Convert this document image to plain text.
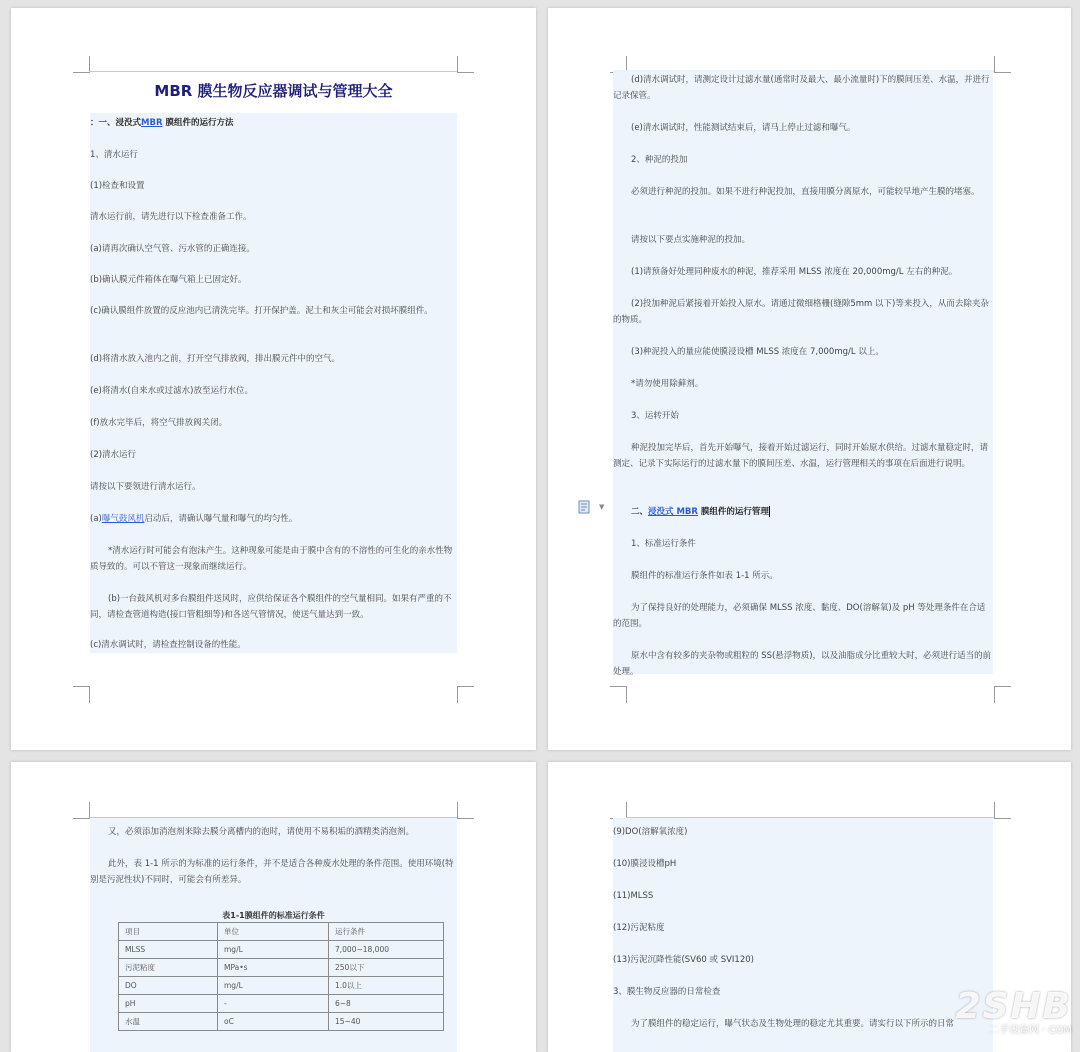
MBR 膜生物反应器调试与管理大全
：一、浸没式MBR 膜组件的运行方法
1、清水运行
(1)检查和设置
清水运行前，请先进行以下检查准备工作。
(a)请再次确认空气管、污水管的正确连接。
(b)确认膜元件箱体在曝气箱上已固定好。
(c)确认膜组件放置的反应池内已清洗完毕。打开保护盖。泥土和灰尘可能会对损坏膜组件。
(d)将清水放入池内之前，打开空气排放阀，排出膜元件中的空气。
(e)将清水(自来水或过滤水)放至运行水位。
(f)放水完毕后，将空气排放阀关闭。
(2)清水运行
请按以下要领进行清水运行。
(a)曝气鼓风机启动后，请确认曝气量和曝气的均匀性。
*清水运行时可能会有泡沫产生。这种现象可能是由于膜中含有的不溶性的可生化的亲水性物质导致的。可以不管这一现象而继续运行。
(b)一台鼓风机对多台膜组件送风时，应供给保证各个膜组件的空气量相同。如果有严重的不同，请检查管道构造(接口管粗细等)和各送气管情况，使送气量达到一致。
(c)清水调试时，请检查控制设备的性能。
(d)清水调试时，请测定设计过滤水量(通常时及最大、最小流量时)下的膜间压差、水温，并进行记录保管。
(e)清水调试时，性能测试结束后，请马上停止过滤和曝气。
2、种泥的投加
必须进行种泥的投加。如果不进行种泥投加，直接用膜分离原水，可能较早地产生膜的堵塞。
请按以下要点实施种泥的投加。
(1)请预备好处理同种废水的种泥，推荐采用 MLSS 浓度在 20,000mg/L 左右的种泥。
(2)投加种泥后紧接着开始投入原水。请通过微细格栅(缝隙5mm 以下)等来投入，从而去除夹杂的物质。
(3)种泥投入的量应能使膜浸设槽 MLSS 浓度在 7,000mg/L 以上。
*请勿使用除藓剂。
3、运转开始
种泥投加完毕后，首先开始曝气，接着开始过滤运行，同时开始原水供给。过滤水量稳定时，请测定、记录下实际运行的过滤水量下的膜间压差、水温，运行管理相关的事项在后面进行说明。
二、浸没式 MBR 膜组件的运行管理
1、标准运行条件
膜组件的标准运行条件如表 1-1 所示。
为了保持良好的处理能力，必须确保 MLSS 浓度、黏度、DO(溶解氧)及 pH 等处理条件在合适的范围。
原水中含有较多的夹杂物或粗粒的 SS(悬浮物质)，以及油脂成分比重较大时，必须进行适当的前处理。
▼
又，必须添加消泡剂来除去膜分离槽内的泡时，请使用不易积垢的酒精类消泡剂。
此外，表 1-1 所示的为标准的运行条件，并不是适合各种废水处理的条件范围。使用环境(特别是污泥性状)不同时，可能会有所差异。
表1-1膜组件的标准运行条件
项目	单位	运行条件
MLSS	mg/L	7,000~18,000
污泥粘度	MPa•s	250以下
DO	mg/L	1.0以上
pH	-	6~8
水温	oC	15~40
(9)DO(溶解氧浓度)
(10)膜浸设槽pH
(11)MLSS
(12)污泥粘度
(13)污泥沉降性能(SV60 或 SVI120)
3、膜生物反应器的日常检查
为了膜组件的稳定运行，曝气状态及生物处理的稳定尤其重要。请实行以下所示的日常 2SHB
二手设备网 · COM
